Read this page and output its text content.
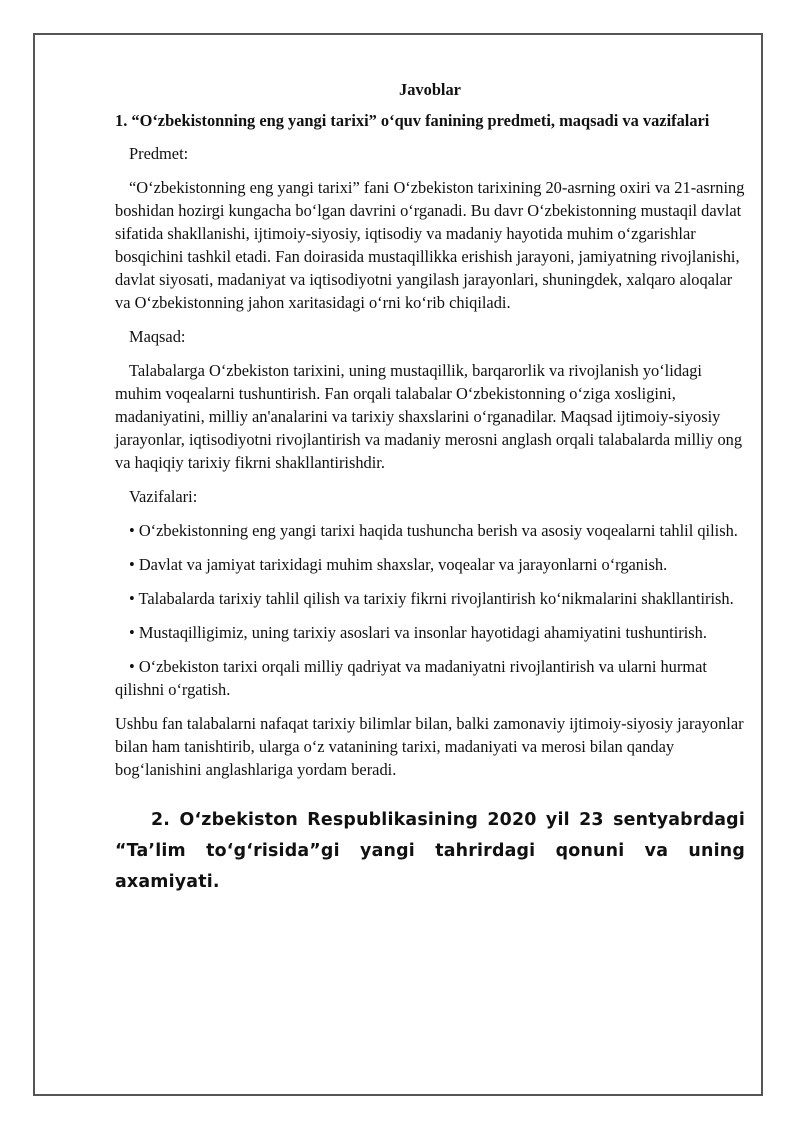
Javoblar
1. “O‘zbekistonning eng yangi tarixi” o‘quv fanining predmeti, maqsadi va vazifalari
Predmet:
“O‘zbekistonning eng yangi tarixi” fani O‘zbekiston tarixining 20-asrning oxiri va 21-asrning boshidan hozirgi kungacha bo‘lgan davrini o‘rganadi. Bu davr O‘zbekistonning mustaqil davlat sifatida shakllanishi, ijtimoiy-siyosiy, iqtisodiy va madaniy hayotida muhim o‘zgarishlar bosqichini tashkil etadi. Fan doirasida mustaqillikka erishish jarayoni, jamiyatning rivojlanishi, davlat siyosati, madaniyat va iqtisodiyotni yangilash jarayonlari, shuningdek, xalqaro aloqalar va O‘zbekistonning jahon xaritasidagi o‘rni ko‘rib chiqiladi.
Maqsad:
Talabalarga O‘zbekiston tarixini, uning mustaqillik, barqarorlik va rivojlanish yo‘lidagi muhim voqealarni tushuntirish. Fan orqali talabalar O‘zbekistonning o‘ziga xosligini, madaniyatini, milliy an'analarini va tarixiy shaxslarini o‘rganadilar. Maqsad ijtimoiy-siyosiy jarayonlar, iqtisodiyotni rivojlantirish va madaniy merosni anglash orqali talabalarda milliy ong va haqiqiy tarixiy fikrni shakllantirishdir.
Vazifalari:
• O‘zbekistonning eng yangi tarixi haqida tushuncha berish va asosiy voqealarni tahlil qilish.
• Davlat va jamiyat tarixidagi muhim shaxslar, voqealar va jarayonlarni o‘rganish.
• Talabalarda tarixiy tahlil qilish va tarixiy fikrni rivojlantirish ko‘nikmalarini shakllantirish.
• Mustaqilligimiz, uning tarixiy asoslari va insonlar hayotidagi ahamiyatini tushuntirish.
• O‘zbekiston tarixi orqali milliy qadriyat va madaniyatni rivojlantirish va ularni hurmat qilishni o‘rgatish.
Ushbu fan talabalarni nafaqat tarixiy bilimlar bilan, balki zamonaviy ijtimoiy-siyosiy jarayonlar bilan ham tanishtirib, ularga o‘z vatanining tarixi, madaniyati va merosi bilan qanday bog‘lanishini anglashlariga yordam beradi.
2. O‘zbekiston Respublikasining 2020 yil 23 sentyabrdagi “Ta’lim to‘g‘risida”gi yangi tahrirdagi qonuni va uning axamiyati.
